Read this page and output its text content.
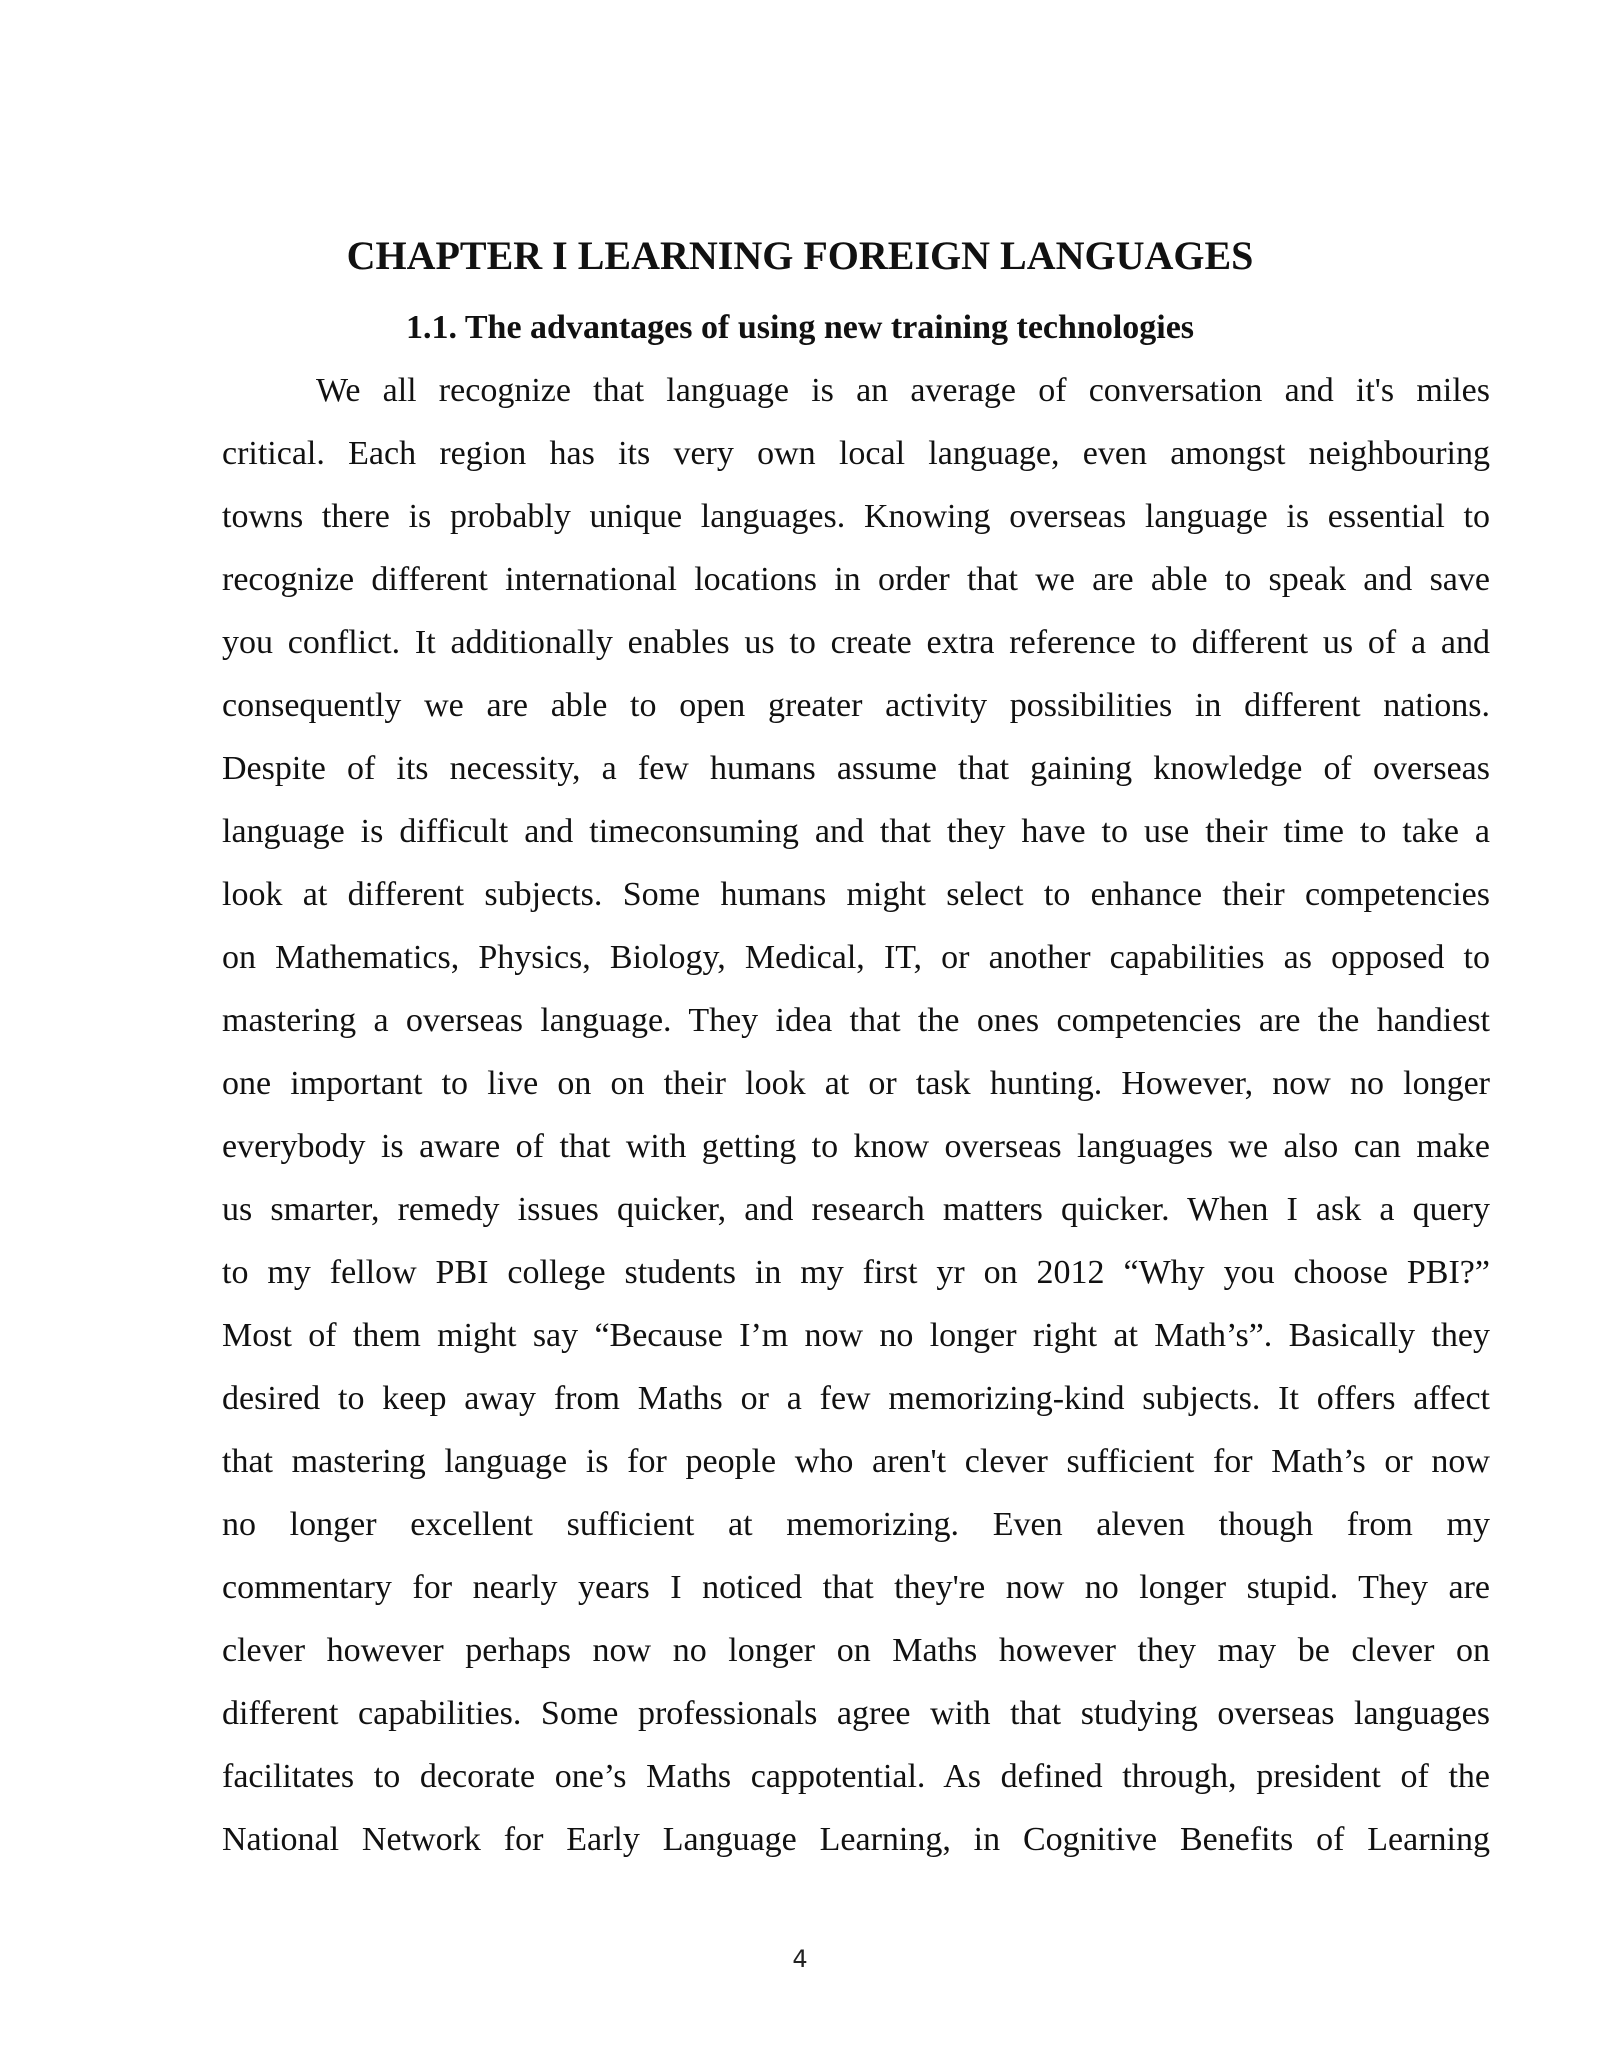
CHAPTER I LEARNING FOREIGN LANGUAGES
1.1. The advantages of using new training technologies
We all recognize that language is an average of conversation and it's miles
critical. Each region has its very own local language, even amongst neighbouring
towns there is probably unique languages. Knowing overseas language is essential to
recognize different international locations in order that we are able to speak and save
you conflict. It additionally enables us to create extra reference to different us of a and
consequently we are able to open greater activity possibilities in different nations.
Despite of its necessity, a few humans assume that gaining knowledge of overseas
language is difficult and timeconsuming and that they have to use their time to take a
look at different subjects. Some humans might select to enhance their competencies
on Mathematics, Physics, Biology, Medical, IT, or another capabilities as opposed to
mastering a overseas language. They idea that the ones competencies are the handiest
one important to live on on their look at or task hunting. However, now no longer
everybody is aware of that with getting to know overseas languages we also can make
us smarter, remedy issues quicker, and research matters quicker. When I ask a query
to my fellow PBI college students in my first yr on 2012 “Why you choose PBI?”
Most of them might say “Because I’m now no longer right at Math’s”. Basically they
desired to keep away from Maths or a few memorizing-kind subjects. It offers affect
that mastering language is for people who aren't clever sufficient for Math’s or now
no longer excellent sufficient at memorizing. Even aleven though from my
commentary for nearly years I noticed that they're now no longer stupid. They are
clever however perhaps now no longer on Maths however they may be clever on
different capabilities. Some professionals agree with that studying overseas languages
facilitates to decorate one’s Maths cappotential. As defined through, president of the
National Network for Early Language Learning, in Cognitive Benefits of Learning
4
